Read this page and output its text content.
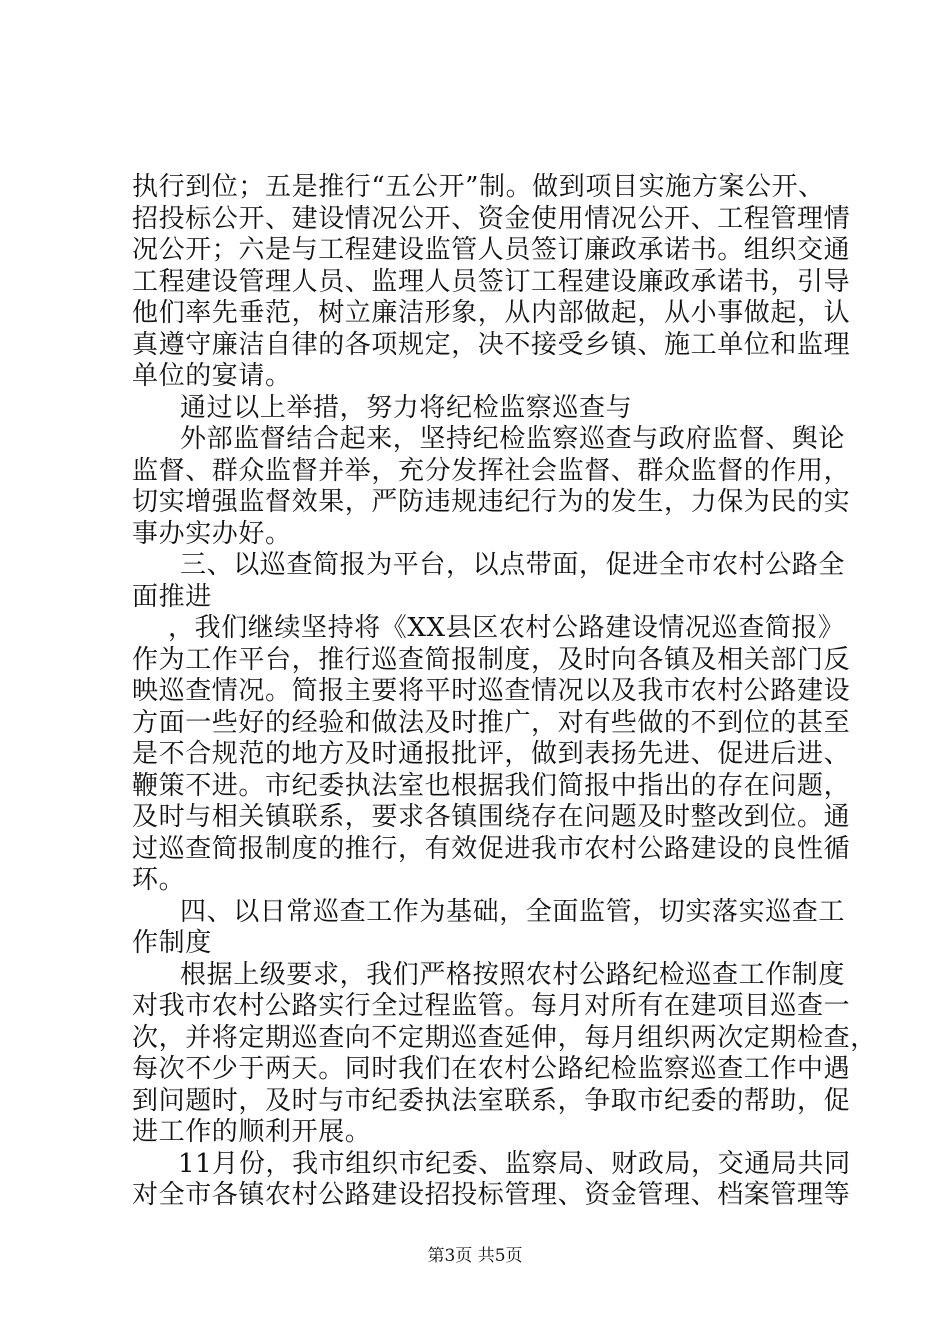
执行到位；五是推行“五公开”制。做到项目实施方案公开、
招投标公开、建设情况公开、资金使用情况公开、工程管理情
况公开；六是与工程建设监管人员签订廉政承诺书。组织交通
工程建设管理人员、监理人员签订工程建设廉政承诺书，引导
他们率先垂范，树立廉洁形象，从内部做起，从小事做起，认
真遵守廉洁自律的各项规定，决不接受乡镇、施工单位和监理
单位的宴请。
通过以上举措，努力将纪检监察巡查与
外部监督结合起来，坚持纪检监察巡查与政府监督、舆论
监督、群众监督并举，充分发挥社会监督、群众监督的作用，
切实增强监督效果，严防违规违纪行为的发生，力保为民的实
事办实办好。
三、以巡查简报为平台，以点带面，促进全市农村公路全
面推进
，我们继续坚持将《XX县区农村公路建设情况巡查简报》
作为工作平台，推行巡查简报制度，及时向各镇及相关部门反
映巡查情况。简报主要将平时巡查情况以及我市农村公路建设
方面一些好的经验和做法及时推广，对有些做的不到位的甚至
是不合规范的地方及时通报批评，做到表扬先进、促进后进、
鞭策不进。市纪委执法室也根据我们简报中指出的存在问题，
及时与相关镇联系，要求各镇围绕存在问题及时整改到位。通
过巡查简报制度的推行，有效促进我市农村公路建设的良性循
环。
四、以日常巡查工作为基础，全面监管，切实落实巡查工
作制度
根据上级要求，我们严格按照农村公路纪检巡查工作制度
对我市农村公路实行全过程监管。每月对所有在建项目巡查一
次，并将定期巡查向不定期巡查延伸，每月组织两次定期检查，
每次不少于两天。同时我们在农村公路纪检监察巡查工作中遇
到问题时，及时与市纪委执法室联系，争取市纪委的帮助，促
进工作的顺利开展。
第3页 共5页
11月份，我市组织市纪委、监察局、财政局，交通局共同
对全市各镇农村公路建设招投标管理、资金管理、档案管理等
